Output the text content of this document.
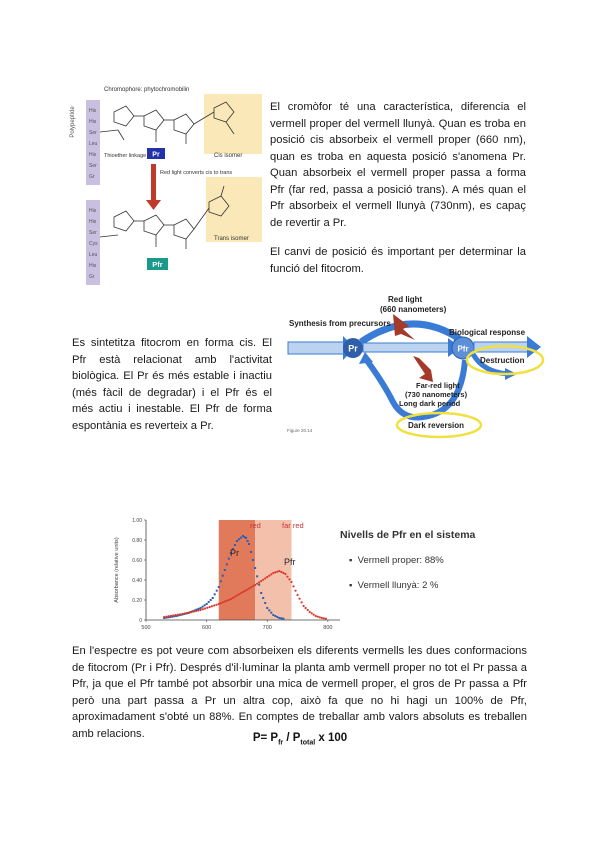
His
His
Ser
Leu
His
Ser
Gr
His
His
Ser
Cys
Leu
His
Gr
Polypeptide
Chromophore: phytochromobilin
Thioether linkage Pr	Cis isomer
Red light converts cis to trans
Pfr
Trans isomer
El cromòfor té una característica, diferencia el vermell proper del vermell llunyà. Quan es troba en posició cis absorbeix el vermell proper (660 nm), quan es troba en aquesta posició s'anomena Pr. Quan absorbeix el vermell proper passa a forma Pfr (far red, passa a posició trans). A més quan el Pfr absorbeix el vermell llunyà (730nm), es capaç de revertir a Pr.
El canvi de posició és important per determinar la funció del fitocrom.
Es sintetitza fitocrom en forma cis. El Pfr està relacionat amb l'activitat biològica. El Pr és més estable i inactiu (més fàcil de degradar) i el Pfr és el més actiu i inestable. El Pfr de forma espontània es reverteix a Pr.
Pr	Pfr
Red light
(660 nanometers)
Synthesis from precursors
Biological response
Destruction
Far-red light
(730 nanometers)
Long dark period
Dark reversion
Figure 20.14
0
0.20
0.40
0.60
0.80
1.00
500	600	700	800
Absorbance (relative units)
red	far red
Pr
Pfr
Nivells de Pfr en el sistema
▪  Vermell proper: 88%
▪  Vermell llunyà: 2 %
En l'espectre es pot veure com absorbeixen els diferents vermells les dues conformacions de fitocrom (Pr i Pfr). Després d'il·luminar la planta amb vermell proper no tot el Pr passa a Pfr, ja que el Pfr també pot absorbir una mica de vermell proper, el gros de Pr passa a Pfr però una part passa a Pr un altra cop, això fa que no hi hagi un 100% de Pfr, aproximadament s'obté un 88%. En comptes de treballar amb valors absoluts es treballen amb relacions.	$P= P_{fr} / P_{total}$ x 100
